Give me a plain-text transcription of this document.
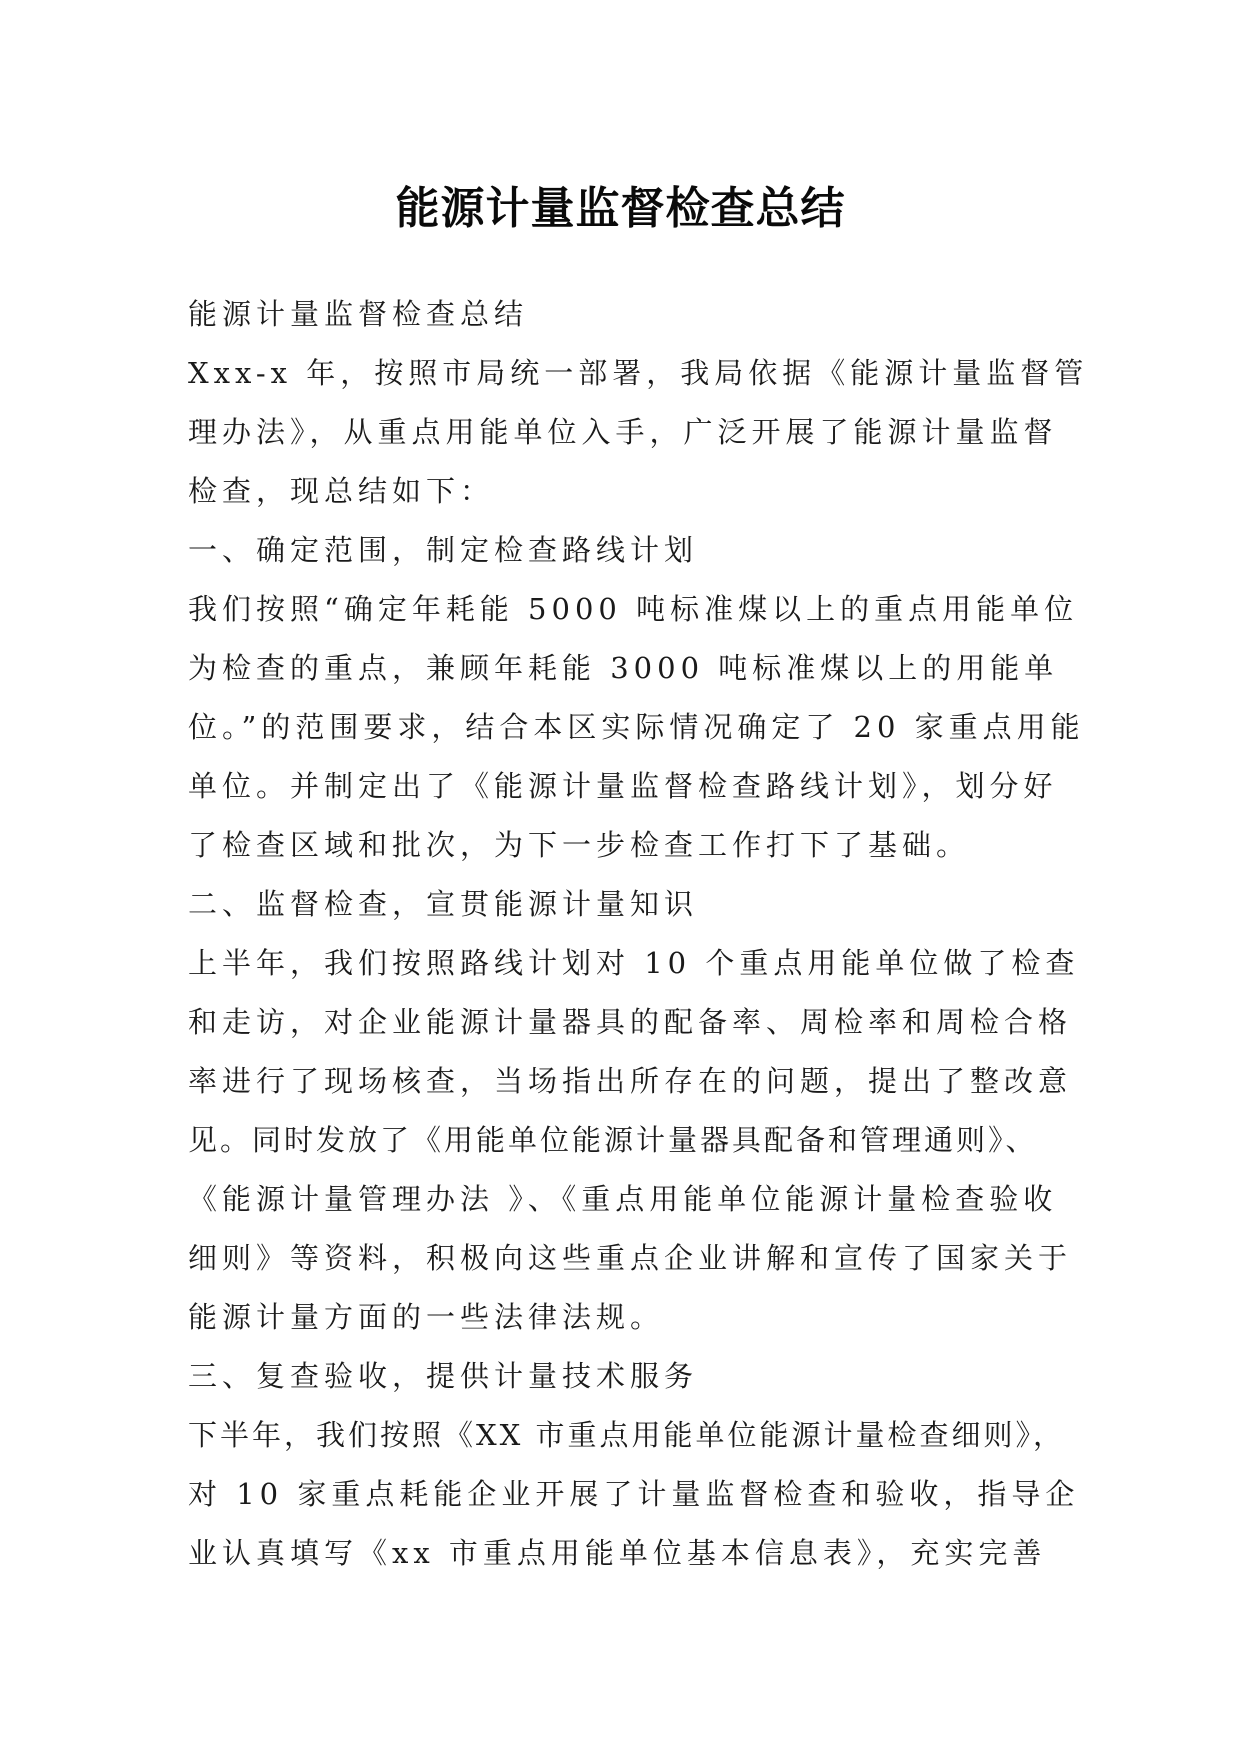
能源计量监督检查总结
能源计量监督检查总结
Xxx-x 年，按照市局统一部署，我局依据《能源计量监督管
理办法》，从重点用能单位入手，广泛开展了能源计量监督
检查，现总结如下：
一、确定范围，制定检查路线计划
我们按照“确定年耗能 5000 吨标准煤以上的重点用能单位
为检查的重点，兼顾年耗能 3000 吨标准煤以上的用能单
位。”的范围要求，结合本区实际情况确定了 20 家重点用能
单位。并制定出了《能源计量监督检查路线计划》，划分好
了检查区域和批次，为下一步检查工作打下了基础。
二、监督检查，宣贯能源计量知识
上半年，我们按照路线计划对 10 个重点用能单位做了检查
和走访，对企业能源计量器具的配备率、周检率和周检合格
率进行了现场核查，当场指出所存在的问题，提出了整改意
见。同时发放了《用能单位能源计量器具配备和管理通则》、
《能源计量管理办法 》、《重点用能单位能源计量检查验收
细则》等资料，积极向这些重点企业讲解和宣传了国家关于
能源计量方面的一些法律法规。
三、复查验收，提供计量技术服务
下半年，我们按照《XX 市重点用能单位能源计量检查细则》，
对 10 家重点耗能企业开展了计量监督检查和验收，指导企
业认真填写《xx 市重点用能单位基本信息表》，充实完善
